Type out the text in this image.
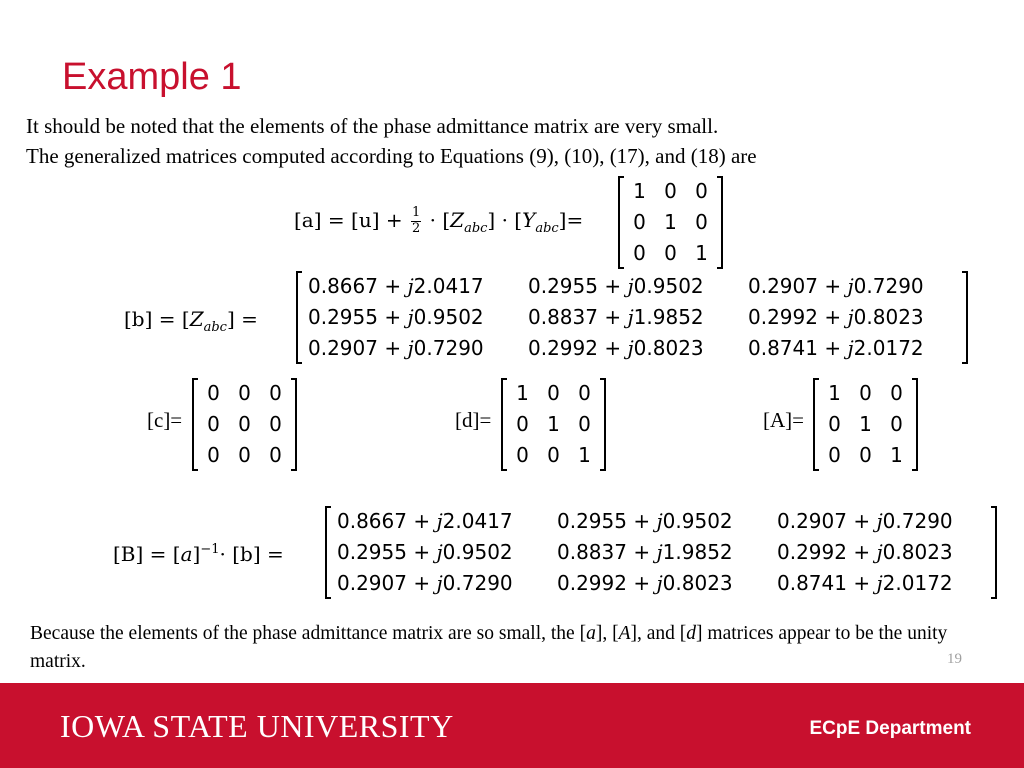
Example 1
It should be noted that the elements of the phase admittance matrix are very small.
The generalized matrices computed according to Equations (9), (10), (17), and (18) are
$[a] = [u] + \frac{1}{2} \cdot [Z_{abc}] \cdot [Y_{abc}]=$
1 0 0
0 1 0
0 0 1
$[b] = [Z_{abc}]$ =
0.8667 + j2.0417	0.2955 + j0.9502	0.2907 + j0.7290
0.2955 + j0.9502	0.8837 + j1.9852	0.2992 + j0.8023
0.2907 + j0.7290	0.2992 + j0.8023	0.8741 + j2.0172
[c]=
0 0 0
0 0 0
0 0 0
[d]=
1 0 0
0 1 0
0 0 1
[A]=
1 0 0
0 1 0
0 0 1
$[B] = [a]^{-1}\cdot [b]$ =
0.8667 + j2.0417	0.2955 + j0.9502	0.2907 + j0.7290
0.2955 + j0.9502	0.8837 + j1.9852	0.2992 + j0.8023
0.2907 + j0.7290	0.2992 + j0.8023	0.8741 + j2.0172
Because the elements of the phase admittance matrix are so small, the [a], [A], and [d] matrices appear to be the unity matrix.	19
IOWA STATE UNIVERSITY	ECpE Department
